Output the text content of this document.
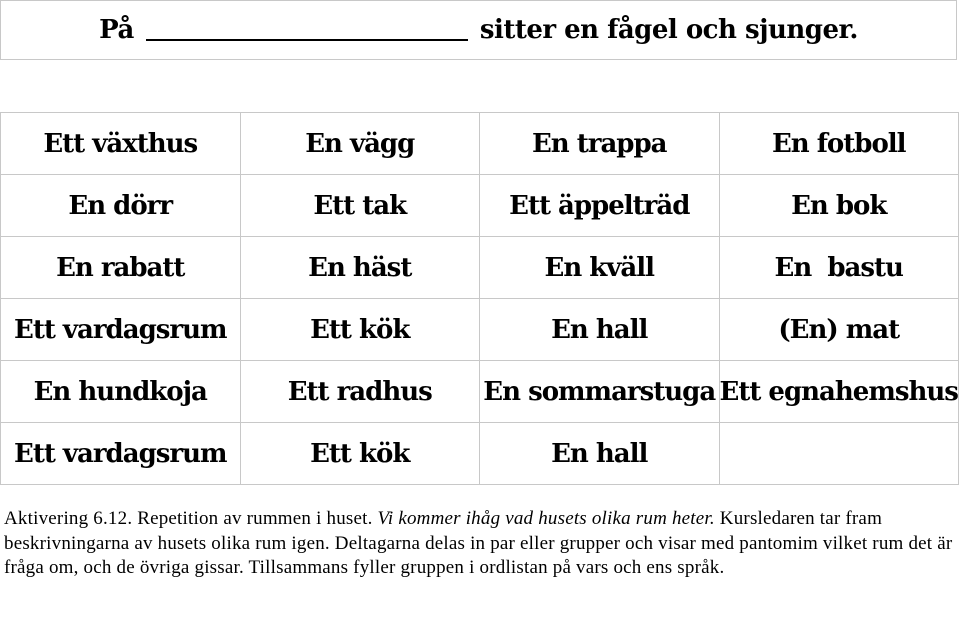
På	sitter en fågel och sjunger.
Ett växthus	En vägg	En trappa	En fotboll
En dörr	Ett tak	Ett äppelträd	En bok
En rabatt	En häst	En kväll	En  bastu
Ett vardagsrum	Ett kök	En hall	(En) mat
En hundkoja	Ett radhus	En sommarstuga	Ett egnahemshus
Ett vardagsrum	Ett kök	En hall	
Aktivering 6.12. Repetition av rummen i huset. Vi kommer ihåg vad husets olika rum heter. Kursledaren tar fram beskrivningarna av husets olika rum igen. Deltagarna delas in par eller grupper och visar med pantomim vilket rum det är fråga om, och de övriga gissar. Tillsammans fyller gruppen i ordlistan på vars och ens språk.
